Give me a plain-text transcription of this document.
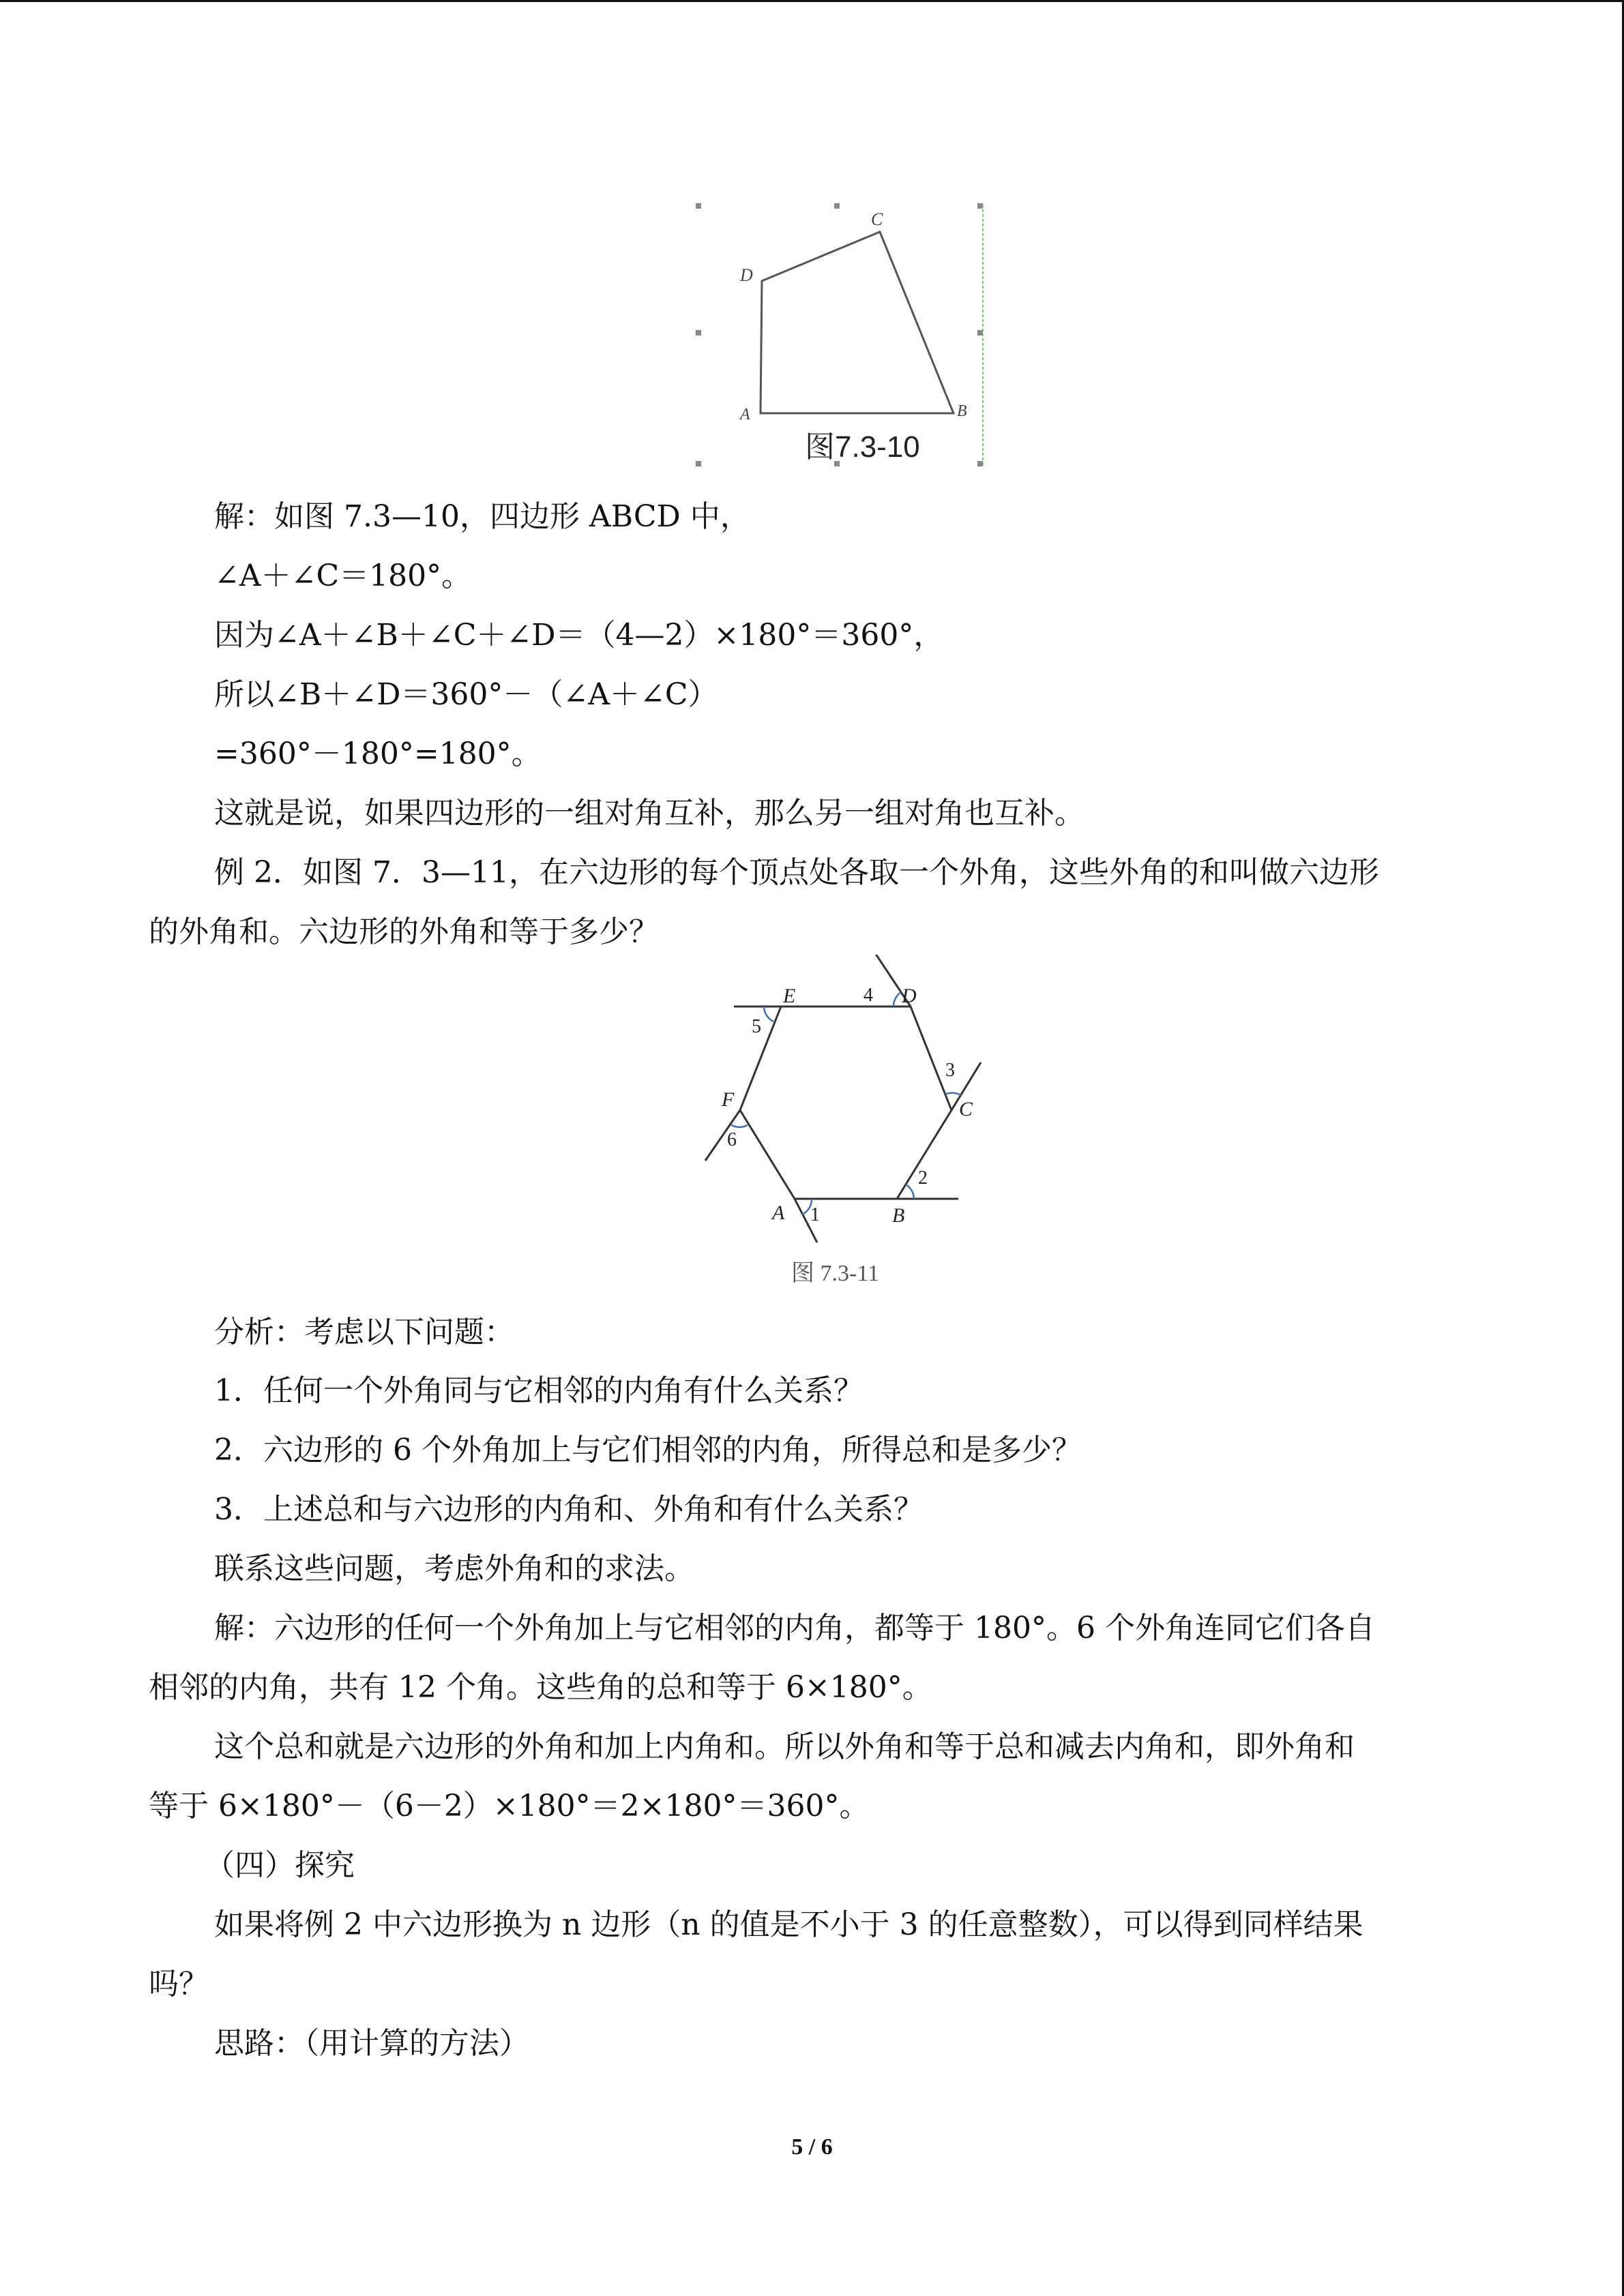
A	B
C
D
图7.3-10
解：如图 7.3—10，四边形 ABCD 中，
∠A＋∠C＝180°。
因为∠A＋∠B＋∠C＋∠D＝（4—2）×180°＝360°，
所以∠B＋∠D＝360°－（∠A＋∠C）
=360°－180°=180°。
这就是说，如果四边形的一组对角互补，那么另一组对角也互补。
例 2．如图 7．3—11，在六边形的每个顶点处各取一个外角，这些外角的和叫做六边形
的外角和。六边形的外角和等于多少？
A	B
C
D
E
F
1
2
3
4
5
6
图 7.3-11
分析：考虑以下问题：
1．任何一个外角同与它相邻的内角有什么关系？
2．六边形的 6 个外角加上与它们相邻的内角，所得总和是多少？
3．上述总和与六边形的内角和、外角和有什么关系？
联系这些问题，考虑外角和的求法。
解：六边形的任何一个外角加上与它相邻的内角，都等于 180°。6 个外角连同它们各自
相邻的内角，共有 12 个角。这些角的总和等于 6×180°。
这个总和就是六边形的外角和加上内角和。所以外角和等于总和减去内角和，即外角和
等于 6×180°－（6－2）×180°＝2×180°＝360°。
（四）探究
如果将例 2 中六边形换为 n 边形（n 的值是不小于 3 的任意整数），可以得到同样结果
吗？
思路：（用计算的方法）
5 / 6
